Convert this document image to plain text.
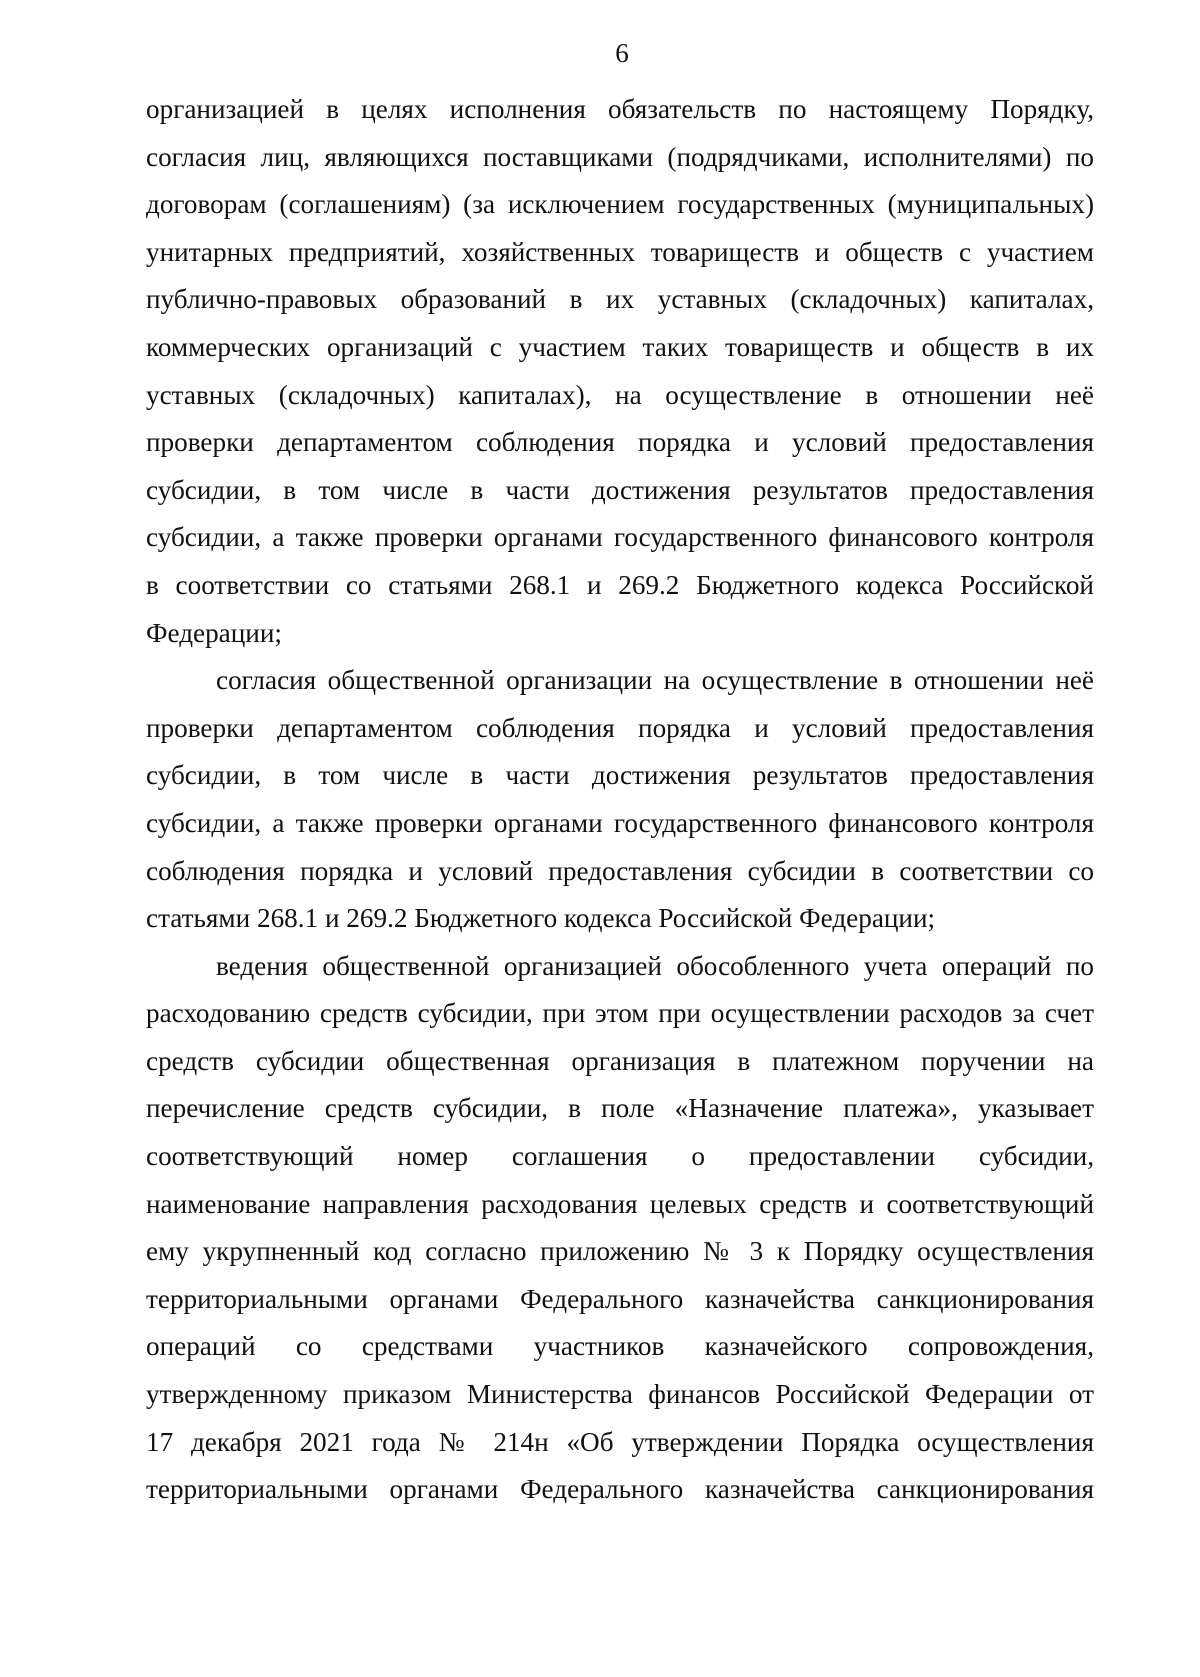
6
организацией в целях исполнения обязательств по настоящему Порядку,
согласия лиц, являющихся поставщиками (подрядчиками, исполнителями) по
договорам (соглашениям) (за исключением государственных (муниципальных)
унитарных предприятий, хозяйственных товариществ и обществ с участием
публично-правовых образований в их уставных (складочных) капиталах,
коммерческих организаций с участием таких товариществ и обществ в их
уставных (складочных) капиталах), на осуществление в отношении неё
проверки департаментом соблюдения порядка и условий предоставления
субсидии, в том числе в части достижения результатов предоставления
субсидии, а также проверки органами государственного финансового контроля
в соответствии со статьями 268.1 и 269.2 Бюджетного кодекса Российской
Федерации;
согласия общественной организации на осуществление в отношении неё
проверки департаментом соблюдения порядка и условий предоставления
субсидии, в том числе в части достижения результатов предоставления
субсидии, а также проверки органами государственного финансового контроля
соблюдения порядка и условий предоставления субсидии в соответствии со
статьями 268.1 и 269.2 Бюджетного кодекса Российской Федерации;
ведения общественной организацией обособленного учета операций по
расходованию средств субсидии, при этом при осуществлении расходов за счет
средств субсидии общественная организация в платежном поручении на
перечисление средств субсидии, в поле «Назначение платежа», указывает
соответствующий номер соглашения о предоставлении субсидии,
наименование направления расходования целевых средств и соответствующий
ему укрупненный код согласно приложению № 3 к Порядку осуществления
территориальными органами Федерального казначейства санкционирования
операций со средствами участников казначейского сопровождения,
утвержденному приказом Министерства финансов Российской Федерации от
17 декабря 2021 года № 214н «Об утверждении Порядка осуществления
территориальными органами Федерального казначейства санкционирования
